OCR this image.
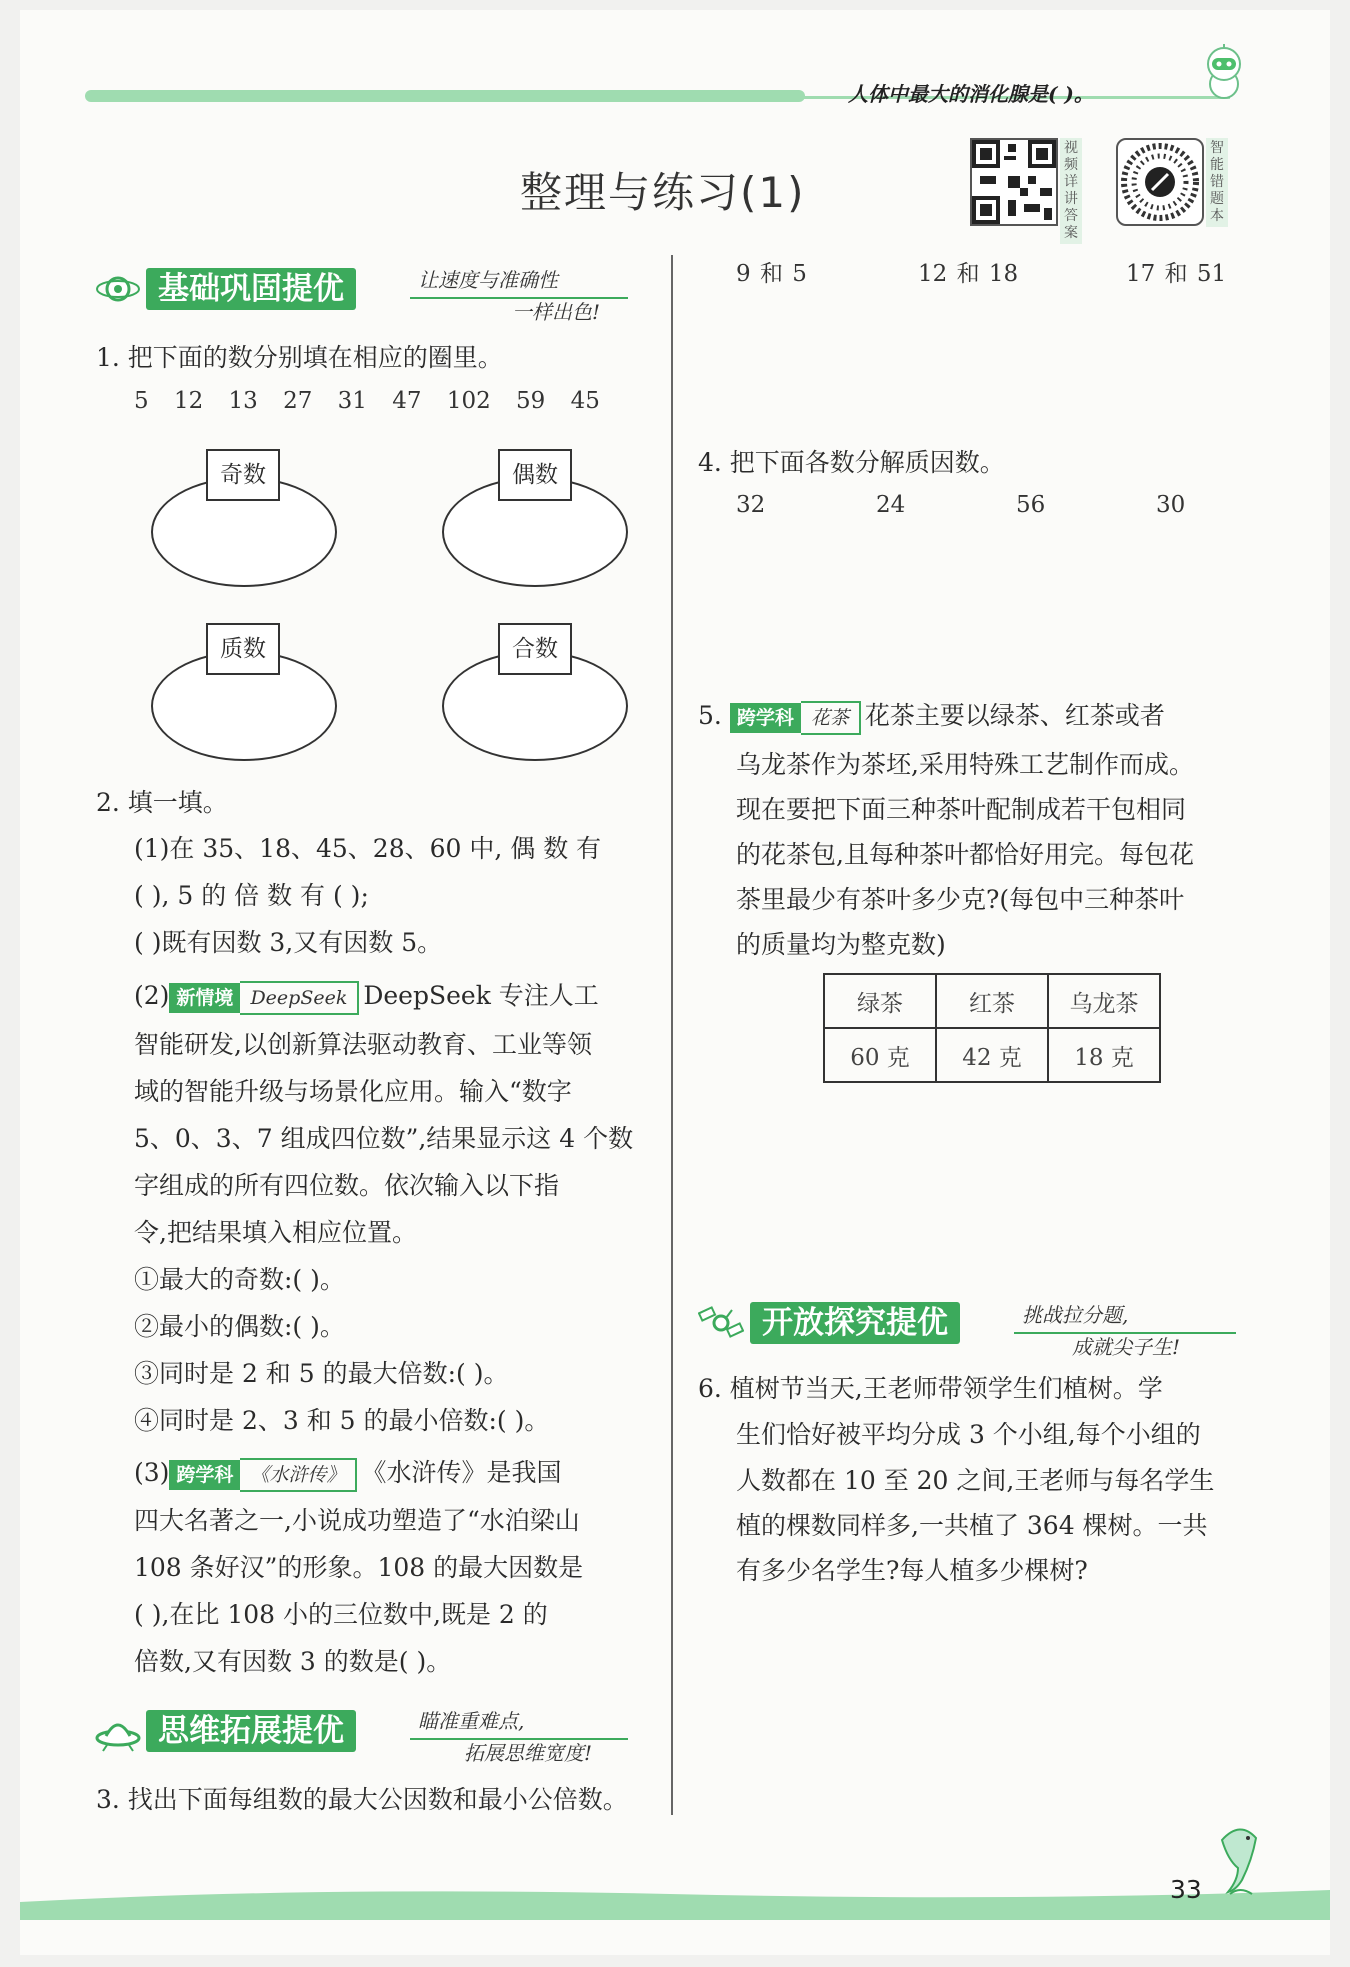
人体中最大的消化腺是( )。
整理与练习(1)
视频详讲答案
智能错题本
基础巩固提优	让速度与准确性
一样出色!
1. 把下面的数分别填在相应的圈里。
5 12 13 27 31 47 102 59 45
奇数	偶数
质数	合数
2. 填一填。
(1)在 35、18、45、28、60 中, 偶 数 有
( ), 5 的 倍 数 有 ( );
( )既有因数 3,又有因数 5。
(2) 新情境 DeepSeek DeepSeek 专注人工
智能研发,以创新算法驱动教育、工业等领
域的智能升级与场景化应用。输入“数字
5、0、3、7 组成四位数”,结果显示这 4 个数
字组成的所有四位数。依次输入以下指
令,把结果填入相应位置。
①最大的奇数:( )。
②最小的偶数:( )。
③同时是 2 和 5 的最大倍数:( )。
④同时是 2、3 和 5 的最小倍数:( )。
(3) 跨学科 《水浒传》 《水浒传》是我国
四大名著之一,小说成功塑造了“水泊梁山
108 条好汉”的形象。108 的最大因数是
( ),在比 108 小的三位数中,既是 2 的
倍数,又有因数 3 的数是( )。
思维拓展提优	瞄准重难点,
拓展思维宽度!
3. 找出下面每组数的最大公因数和最小公倍数。
9 和 5	12 和 18	17 和 51
4. 把下面各数分解质因数。
32	24	56	30
5. 跨学科 花茶 花茶主要以绿茶、红茶或者
乌龙茶作为茶坯,采用特殊工艺制作而成。
现在要把下面三种茶叶配制成若干包相同
的花茶包,且每种茶叶都恰好用完。每包花
茶里最少有茶叶多少克?(每包中三种茶叶
的质量均为整克数)
绿茶	红茶	乌龙茶
60 克	42 克	18 克
开放探究提优	挑战拉分题,
成就尖子生!
6. 植树节当天,王老师带领学生们植树。学
生们恰好被平均分成 3 个小组,每个小组的
人数都在 10 至 20 之间,王老师与每名学生
植的棵数同样多,一共植了 364 棵树。一共
有多少名学生?每人植多少棵树?
33
